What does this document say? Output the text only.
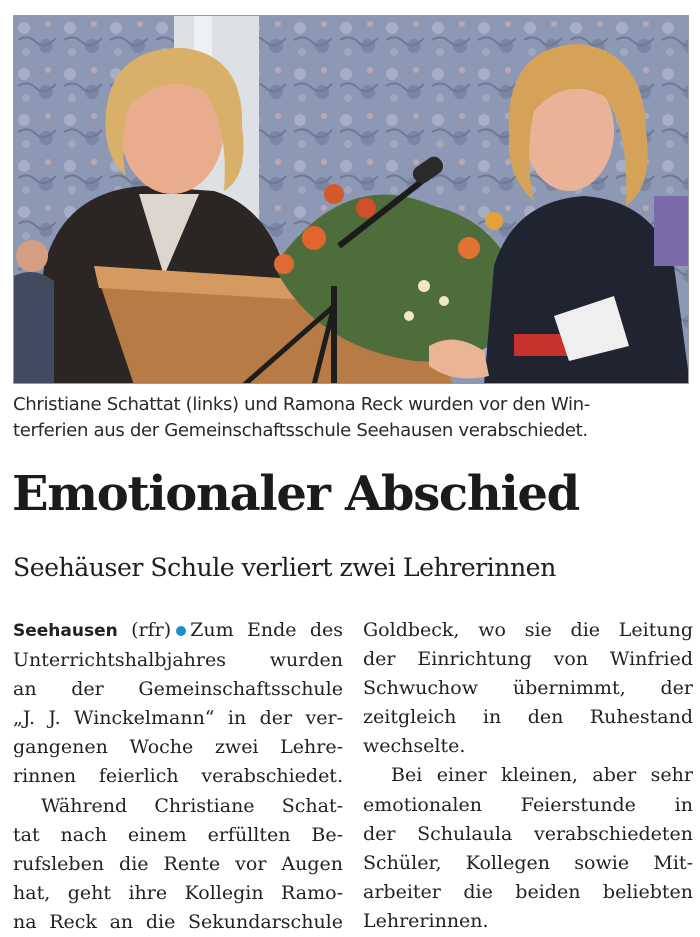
Christiane Schattat (links) und Ramona Reck wurden vor den Win-
terferien aus der Gemeinschaftsschule Seehausen verabschiedet.

Emotionaler Abschied
Seehäuser Schule verliert zwei Lehrerinnen
Seehausen (rfr) Zum Ende des
Unterrichtshalbjahres wurden
an der Gemeinschaftsschule
„J. J. Winckelmann“ in der ver-
gangenen Woche zwei Lehre-
rinnen feierlich verabschiedet.
Während Christiane Schat-
tat nach einem erfüllten Be-
rufsleben die Rente vor Augen
hat, geht ihre Kollegin Ramo-
na Reck an die Sekundarschule
Goldbeck, wo sie die Leitung
der Einrichtung von Winfried
Schwuchow übernimmt, der
zeitgleich in den Ruhestand
wechselte.
Bei einer kleinen, aber sehr
emotionalen Feierstunde in
der Schulaula verabschiedeten
Schüler, Kollegen sowie Mit-
arbeiter die beiden beliebten
Lehrerinnen.
